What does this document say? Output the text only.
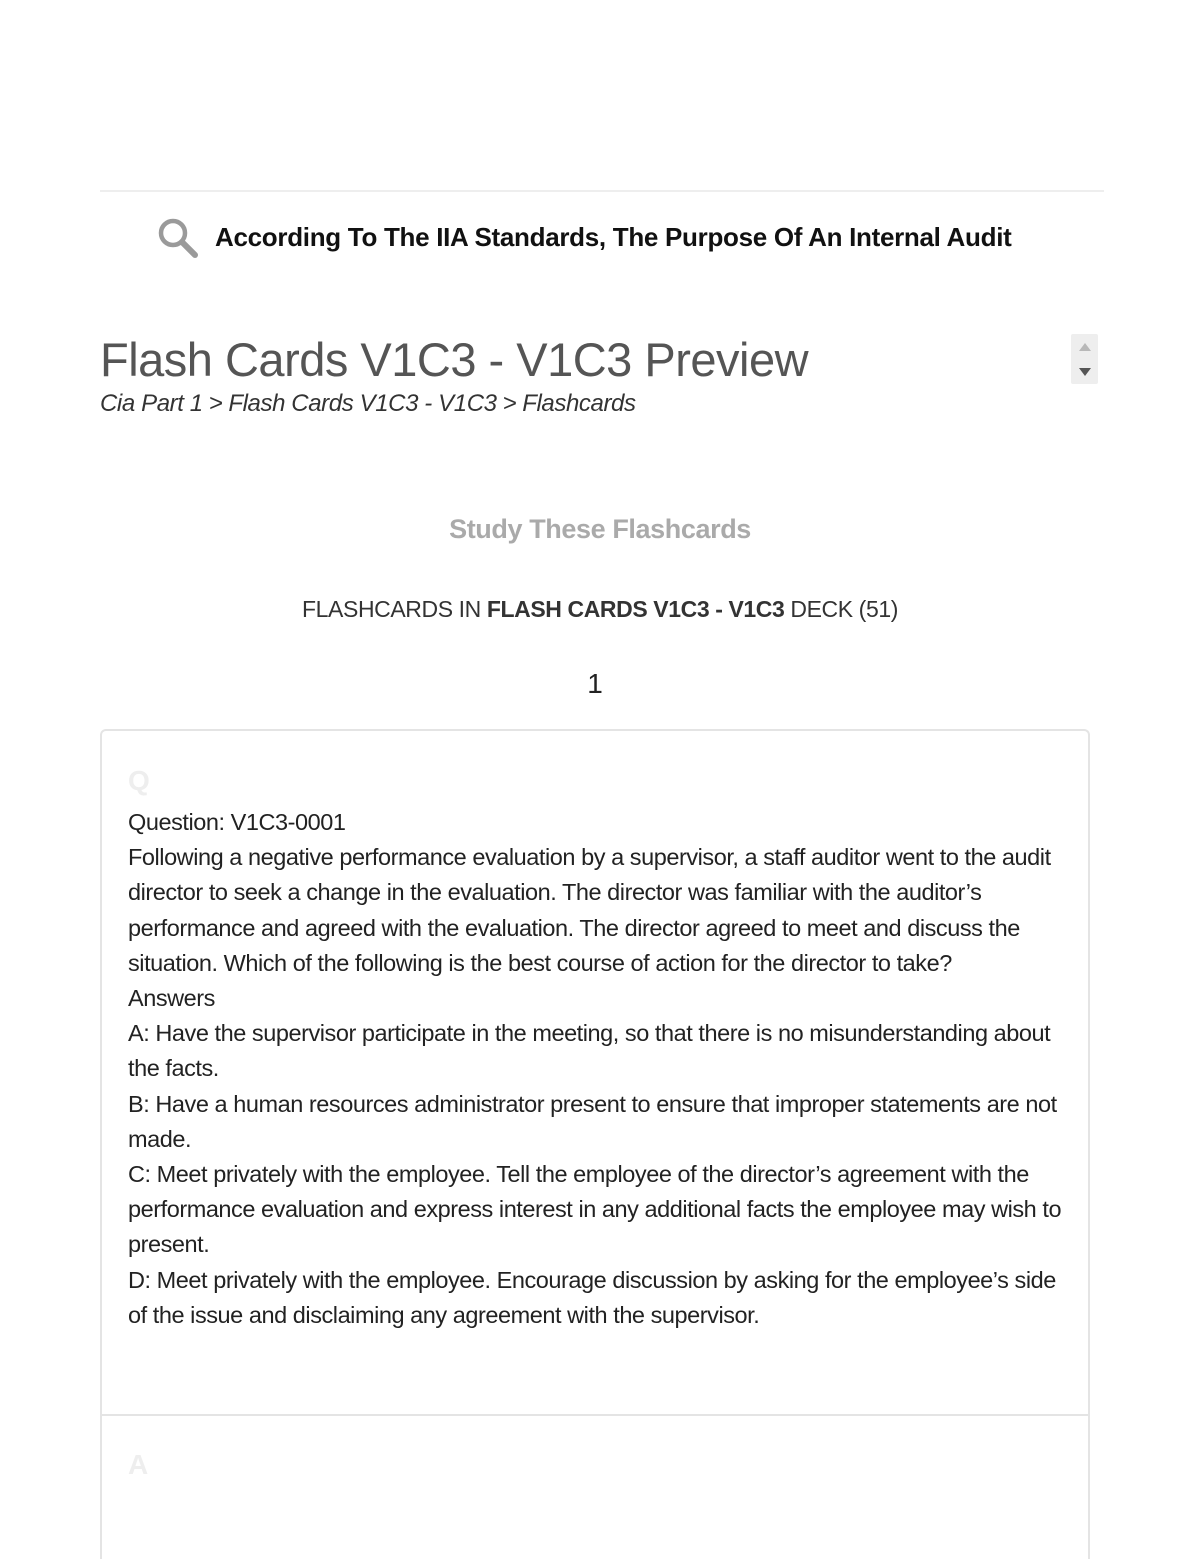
According To The IIA Standards, The Purpose Of An Internal Audit
Flash Cards V1C3 - V1C3 Preview
Cia Part 1 > Flash Cards V1C3 - V1C3 > Flashcards
Study These Flashcards
FLASHCARDS IN FLASH CARDS V1C3 - V1C3 DECK (51)
1
Q
Question: V1C3-0001
Following a negative performance evaluation by a supervisor, a staff auditor went to the audit director to seek a change in the evaluation. The director was familiar with the auditor’s performance and agreed with the evaluation. The director agreed to meet and discuss the situation. Which of the following is the best course of action for the director to take?
Answers
A: Have the supervisor participate in the meeting, so that there is no misunderstanding about the facts.
B: Have a human resources administrator present to ensure that improper statements are not made.
C: Meet privately with the employee. Tell the employee of the director’s agreement with the performance evaluation and express interest in any additional facts the employee may wish to present.
D: Meet privately with the employee. Encourage discussion by asking for the employee’s side of the issue and disclaiming any agreement with the supervisor.
A
